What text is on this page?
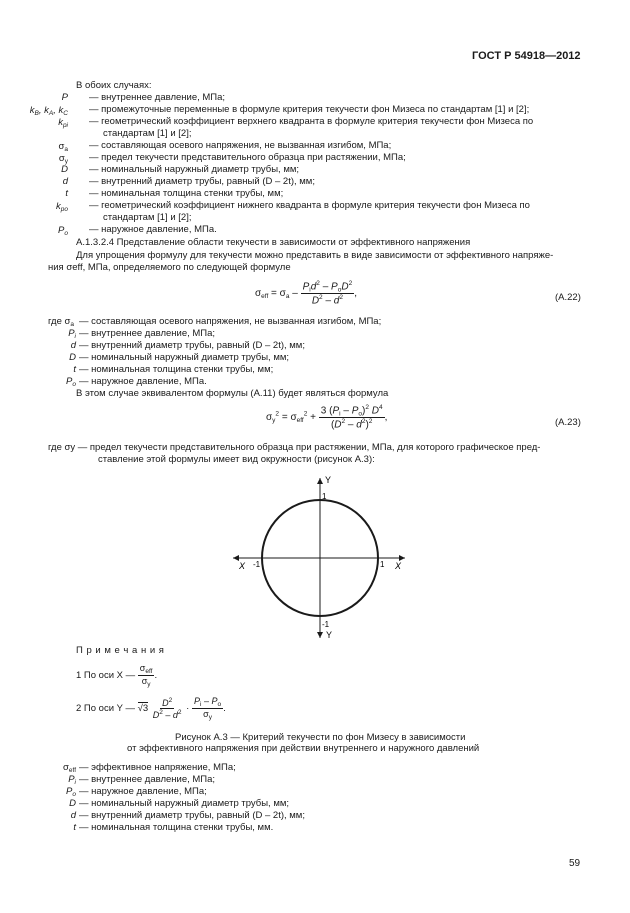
ГОСТ Р 54918—2012
В обоих случаях:
P — внутреннее давление, МПа;
$k_B$, $k_A$, $k_C$ — промежуточные переменные в формуле критерия текучести фон Мизеса по стандартам [1] и [2];
$k_{pi}$ — геометрический коэффициент верхнего квадранта в формуле критерия текучести фон Мизеса по
стандартам [1] и [2];
$\sigma_a$ — составляющая осевого напряжения, не вызванная изгибом, МПа;
$\sigma_y$ — предел текучести представительного образца при растяжении, МПа;
D — номинальный наружный диаметр трубы, мм;
d — внутренний диаметр трубы, равный (D – 2t), мм;
t — номинальная толщина стенки трубы, мм;
$k_{po}$ — геометрический коэффициент нижнего квадранта в формуле критерия текучести фон Мизеса по
стандартам [1] и [2];
$P_o$ — наружное давление, МПа.
А.1.3.2.4 Представление области текучести в зависимости от эффективного напряжения
Для упрощения формулу для текучести можно представить в виде зависимости от эффективного напряже-
ния σeff, МПа, определяемого по следующей формуле
$\sigma_{eff} = \sigma_a - \frac{P_id^2 - P_oD^2}{D^2 - d^2}$ ,	(А.22)
где $\sigma_a$ — составляющая осевого напряжения, не вызванная изгибом, МПа;
$P_i$ — внутреннее давление, МПа;
d — внутренний диаметр трубы, равный (D – 2t), мм;
D — номинальный наружный диаметр трубы, мм;
t — номинальная толщина стенки трубы, мм;
$P_o$ — наружное давление, МПа.
В этом случае эквивалентом формулы (А.11) будет являться формула
$\sigma_y^2 = \sigma_{eff}^2 + \frac{3 (P_i - P_o)^2 D^4}{(D^2 - d^2)^2}$ ,	(А.23)
где σy — предел текучести представительного образца при растяжении, МПа, для которого графическое пред-
ставление этой формулы имеет вид окружности (рисунок А.3):
Y
1
X -1	1 X
-1
Y
П р и м е ч а н и я
1 По оси X — $\frac{\sigma_{eff}}{\sigma_y}$ .
2 По оси Y — $√3 \frac{D^2}{D^2 - d^2} \cdot \frac{P_i - P_o}{\sigma_y}$ .
Рисунок А.3 — Критерий текучести по фон Мизесу в зависимости
от эффективного напряжения при действии внутреннего и наружного давлений
$\sigma_{eff}$ — эффективное напряжение, МПа;
$P_i$ — внутреннее давление, МПа;
$P_o$ — наружное давление, МПа;
D — номинальный наружный диаметр трубы, мм;
d — внутренний диаметр трубы, равный (D – 2t), мм;
t — номинальная толщина стенки трубы, мм.
59
